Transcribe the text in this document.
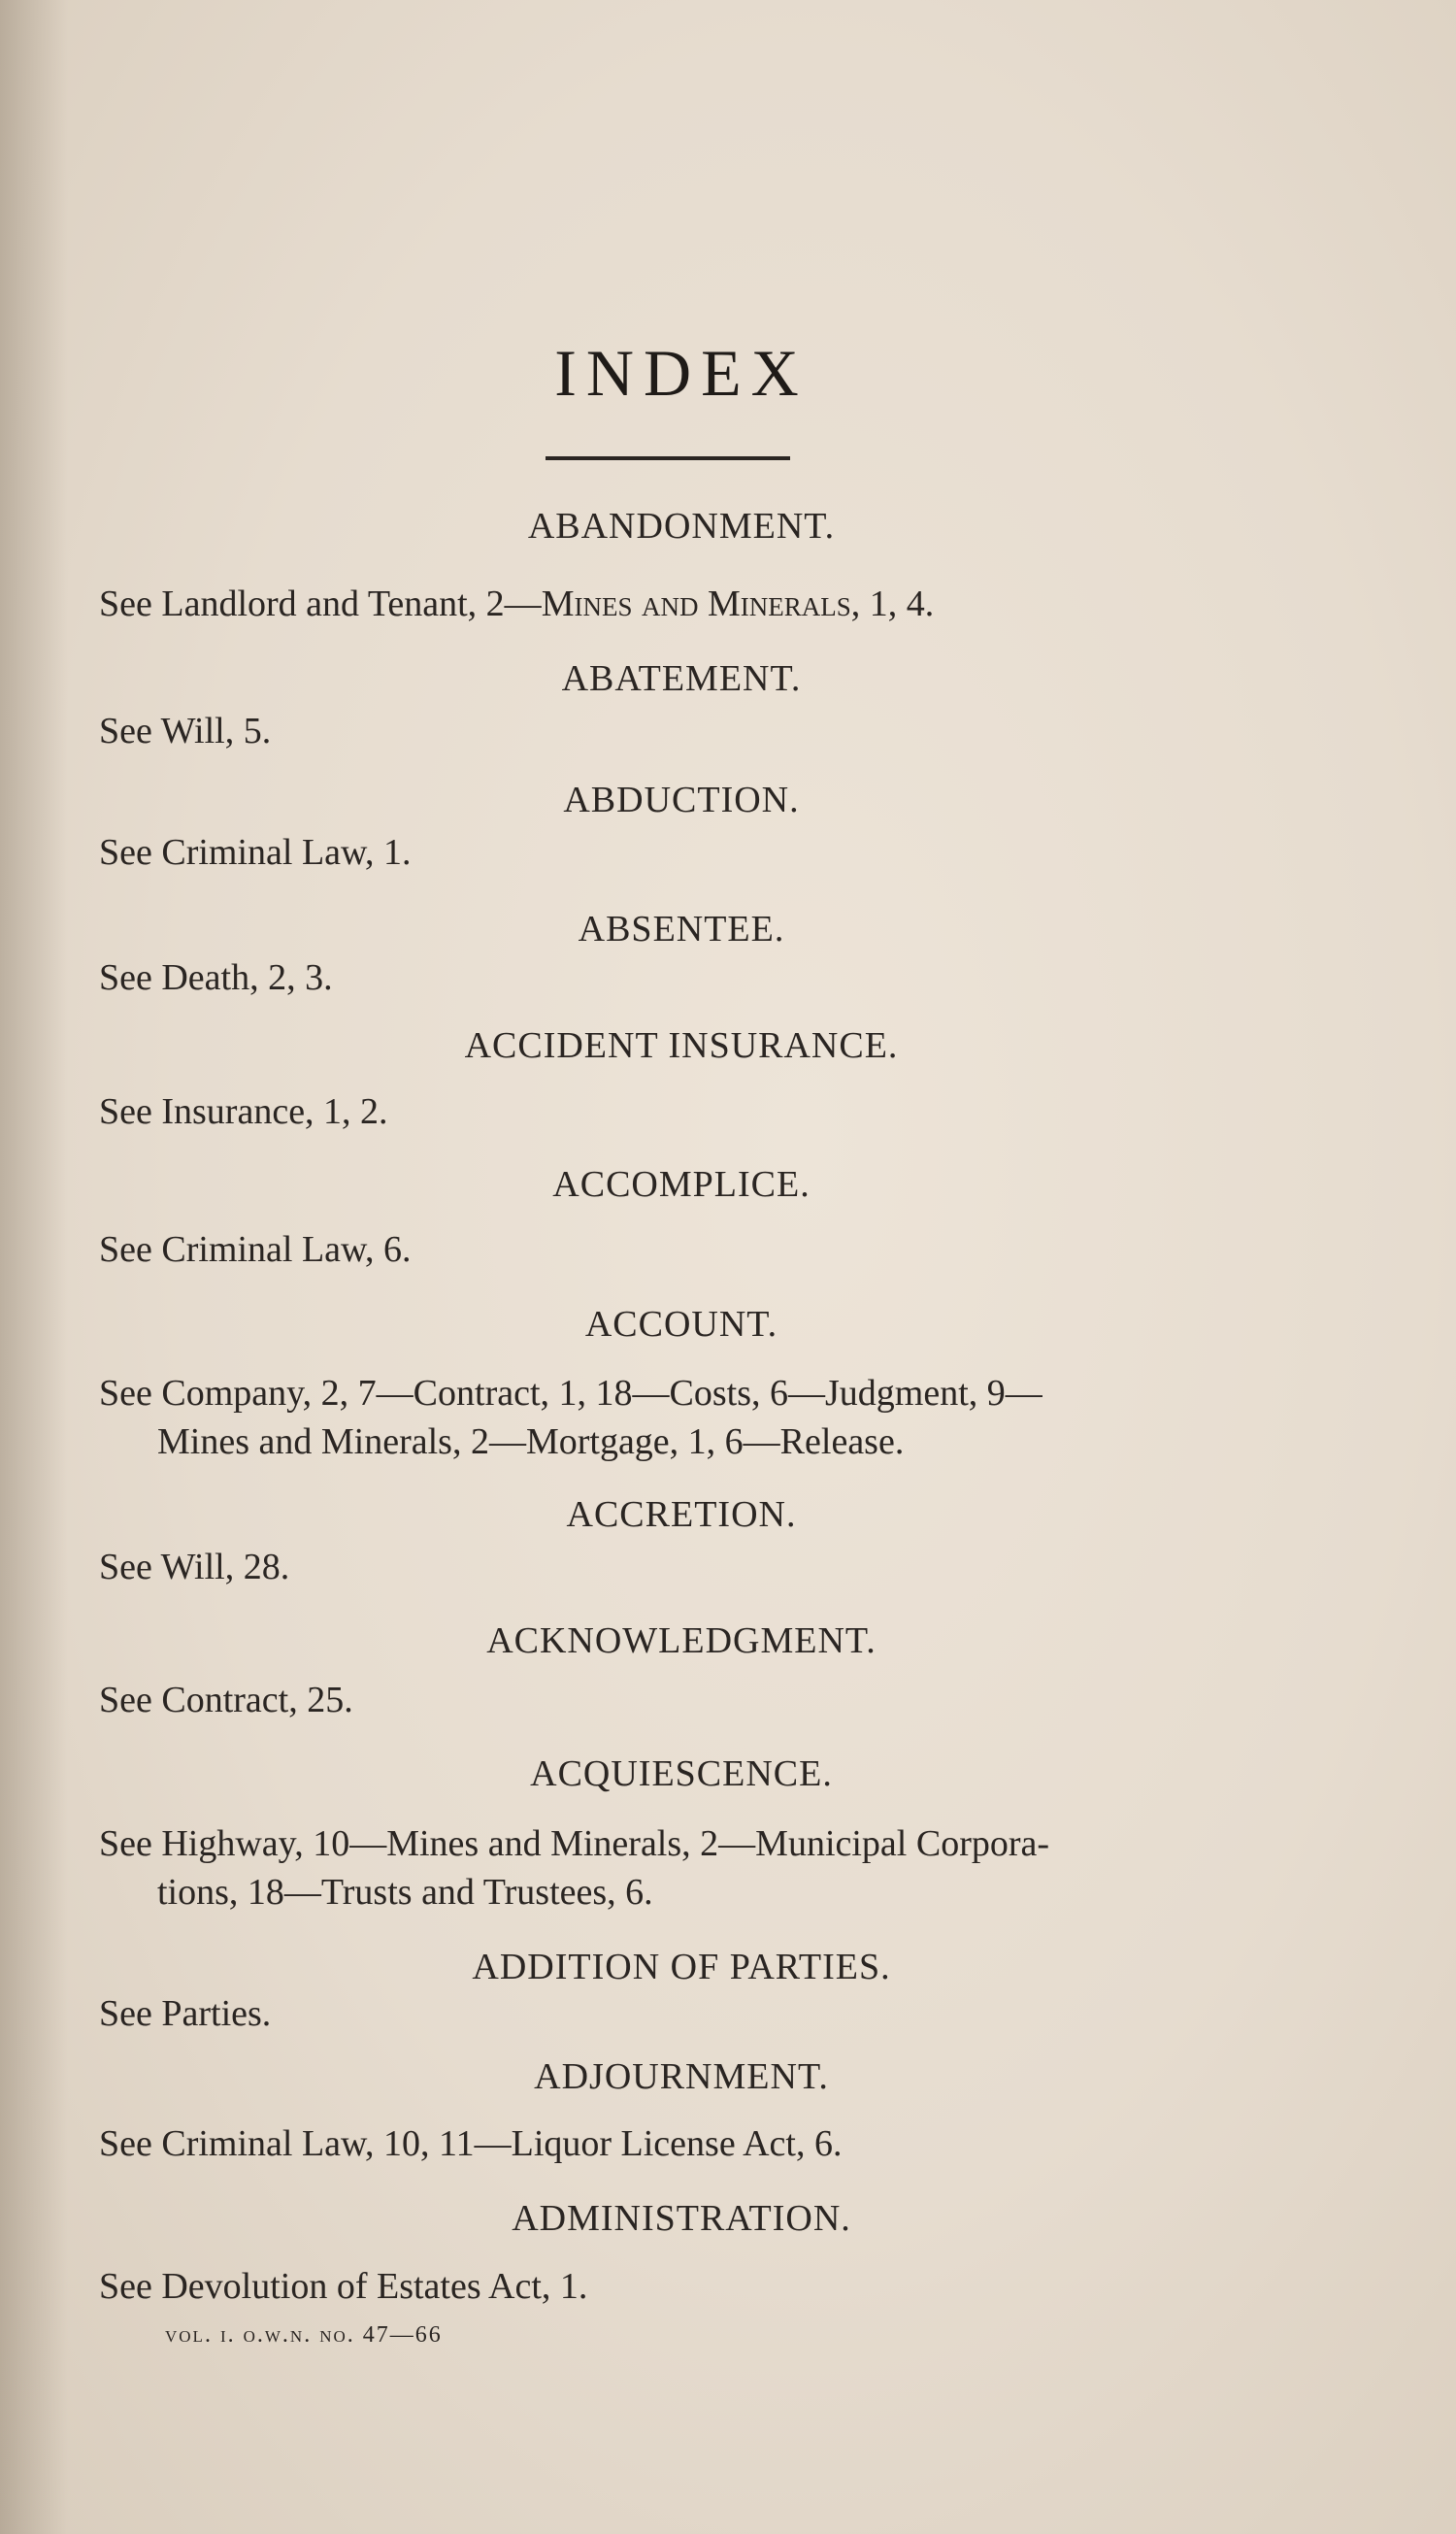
INDEX
ABANDONMENT.
See Landlord and Tenant, 2—Mines and Minerals, 1, 4.
ABATEMENT.
See Will, 5.
ABDUCTION.
See Criminal Law, 1.
ABSENTEE.
See Death, 2, 3.
ACCIDENT INSURANCE.
See Insurance, 1, 2.
ACCOMPLICE.
See Criminal Law, 6.
ACCOUNT.
See Company, 2, 7—Contract, 1, 18—Costs, 6—Judgment, 9—
Mines and Minerals, 2—Mortgage, 1, 6—Release.
ACCRETION.
See Will, 28.
ACKNOWLEDGMENT.
See Contract, 25.
ACQUIESCENCE.
See Highway, 10—Mines and Minerals, 2—Municipal Corpora-
tions, 18—Trusts and Trustees, 6.
ADDITION OF PARTIES.
See Parties.
ADJOURNMENT.
See Criminal Law, 10, 11—Liquor License Act, 6.
ADMINISTRATION.
See Devolution of Estates Act, 1.
vol. i. o.w.n. no. 47—66
